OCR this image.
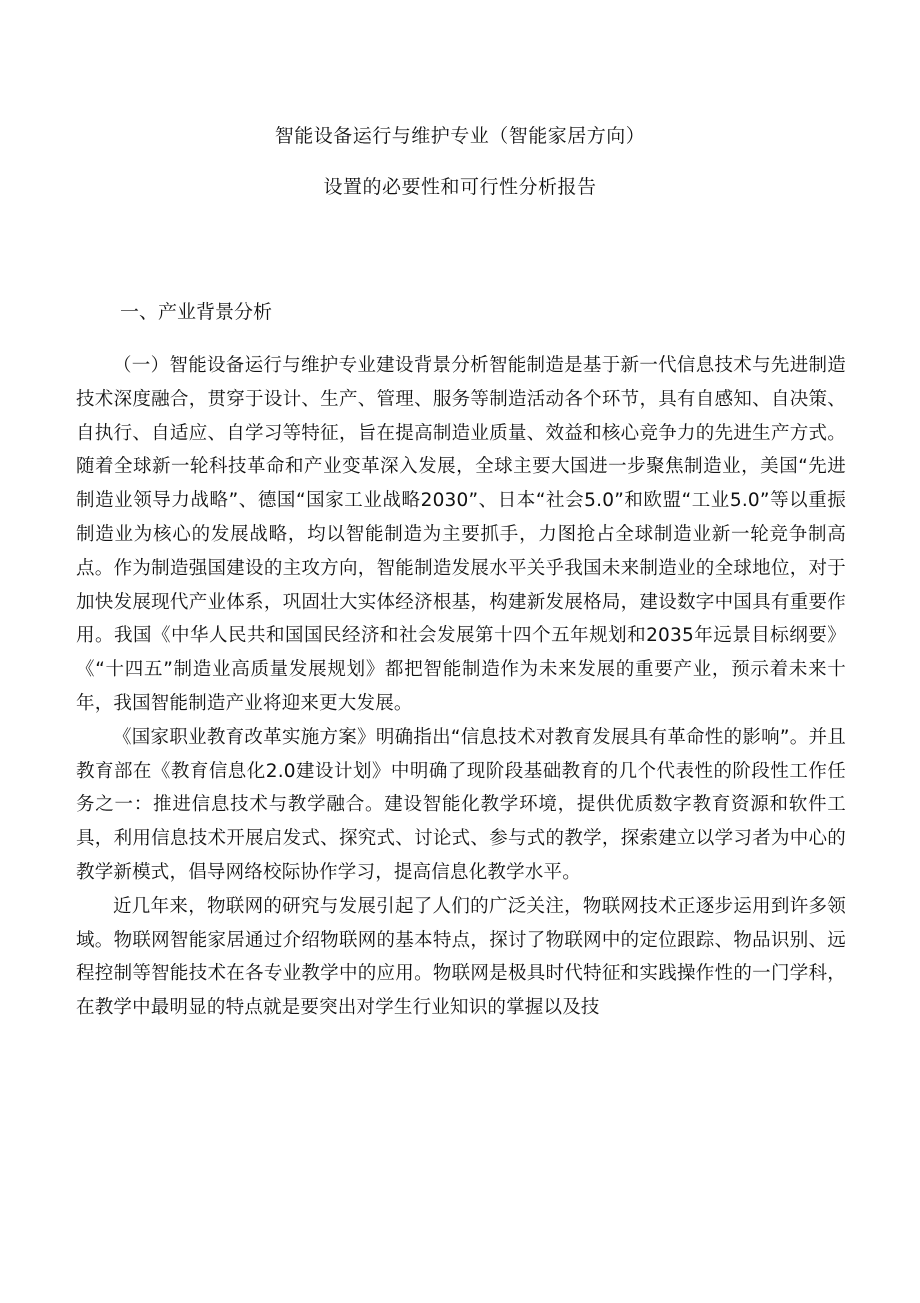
智能设备运行与维护专业（智能家居方向）
设置的必要性和可行性分析报告
一、产业背景分析

（一）智能设备运行与维护专业建设背景分析智能制造是基于新一代信息技术与先进制造技术深度融合，贯穿于设计、生产、管理、服务等制造活动各个环节，具有自感知、自决策、自执行、自适应、自学习等特征，旨在提高制造业质量、效益和核心竞争力的先进生产方式。随着全球新一轮科技革命和产业变革深入发展，全球主要大国进一步聚焦制造业，美国“先进制造业领导力战略”、德国“国家工业战略2030”、日本“社会5.0”和欧盟“工业5.0”等以重振制造业为核心的发展战略，均以智能制造为主要抓手，力图抢占全球制造业新一轮竞争制高点。作为制造强国建设的主攻方向，智能制造发展水平关乎我国未来制造业的全球地位，对于加快发展现代产业体系，巩固壮大实体经济根基，构建新发展格局，建设数字中国具有重要作用。我国《中华人民共和国国民经济和社会发展第十四个五年规划和2035年远景目标纲要》《“十四五”制造业高质量发展规划》都把智能制造作为未来发展的重要产业，预示着未来十年，我国智能制造产业将迎来更大发展。

《国家职业教育改革实施方案》明确指出“信息技术对教育发展具有革命性的影响”。并且教育部在《教育信息化2.0建设计划》中明确了现阶段基础教育的几个代表性的阶段性工作任务之一：推进信息技术与教学融合。建设智能化教学环境，提供优质数字教育资源和软件工具，利用信息技术开展启发式、探究式、讨论式、参与式的教学，探索建立以学习者为中心的教学新模式，倡导网络校际协作学习，提高信息化教学水平。

近几年来，物联网的研究与发展引起了人们的广泛关注，物联网技术正逐步运用到许多领域。物联网智能家居通过介绍物联网的基本特点，探讨了物联网中的定位跟踪、物品识别、远程控制等智能技术在各专业教学中的应用。物联网是极具时代特征和实践操作性的一门学科，在教学中最明显的特点就是要突出对学生行业知识的掌握以及技
